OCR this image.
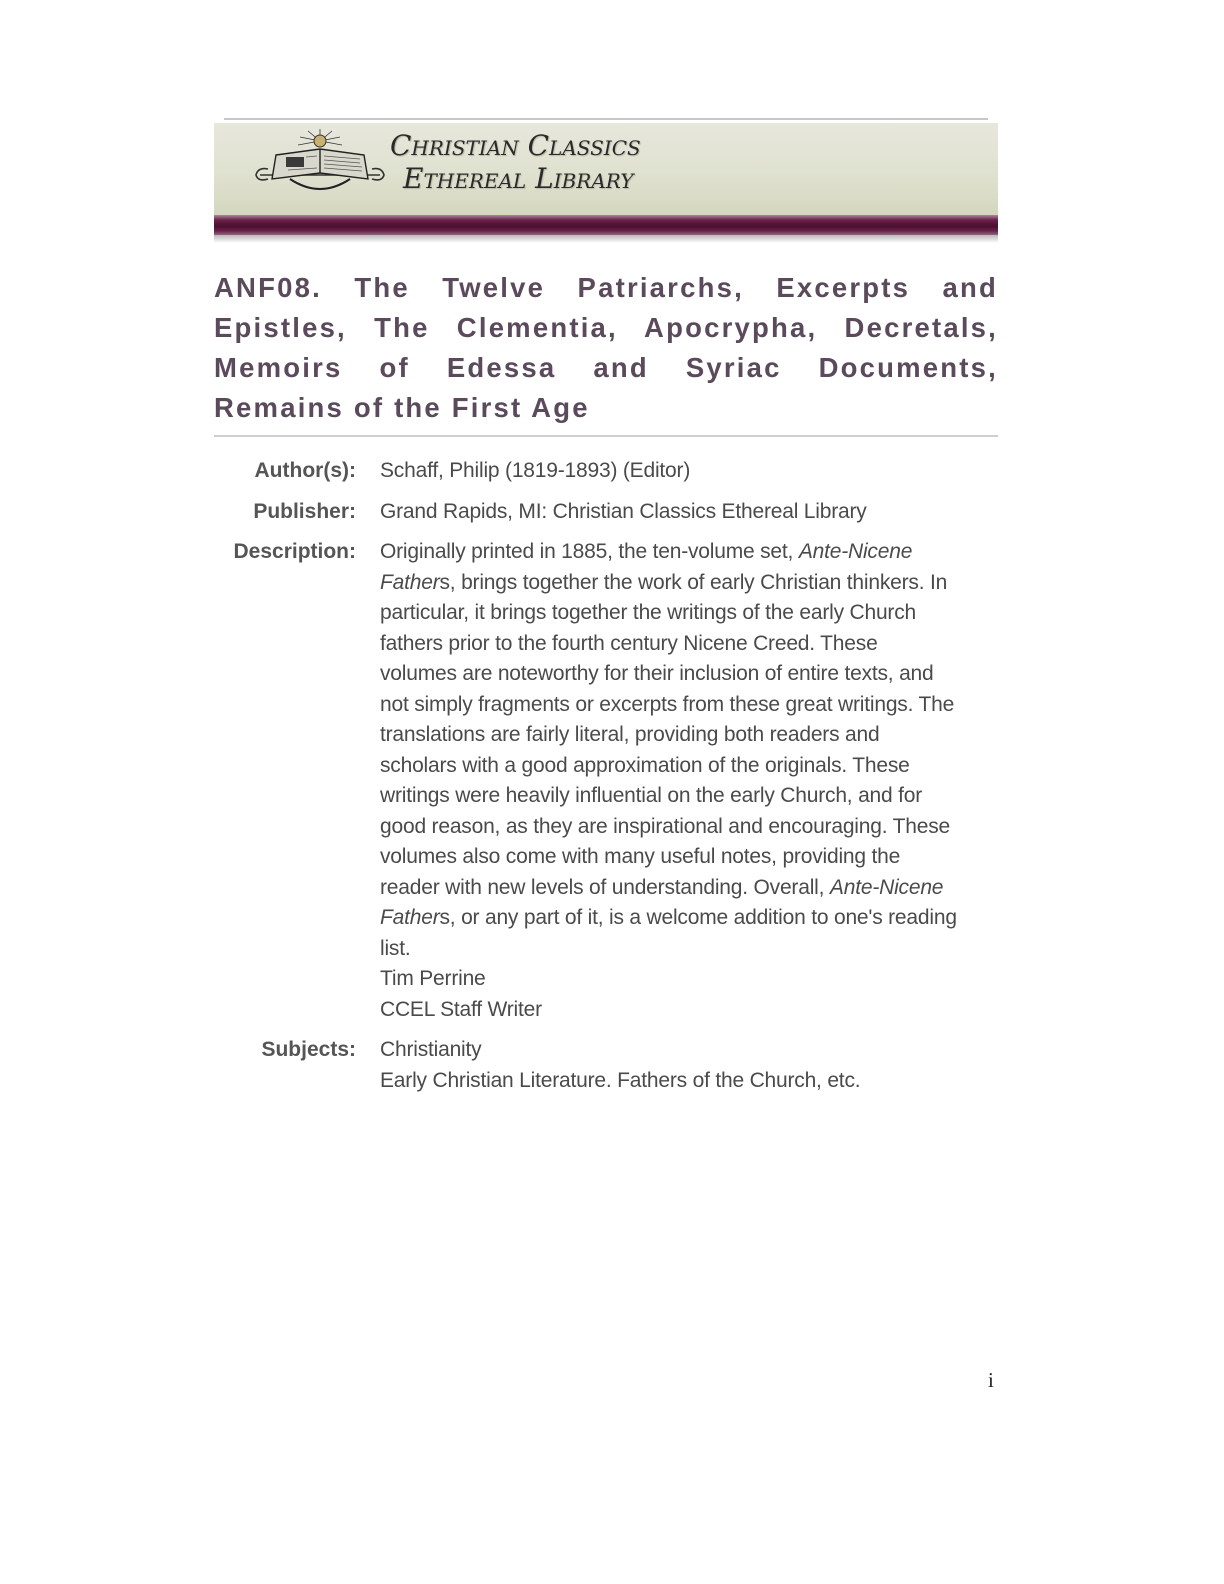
Christian Classics
Ethereal Library
ANF08. The Twelve Patriarchs, Excerpts and Epistles, The Clementia, Apocrypha, Decretals, Memoirs of Edessa and Syriac Documents, Remains of the First Age
Author(s): Schaff, Philip (1819-1893) (Editor)
Publisher: Grand Rapids, MI: Christian Classics Ethereal Library
Description: Originally printed in 1885, the ten-volume set, Ante-Nicene Fathers, brings together the work of early Christian thinkers. In particular, it brings together the writings of the early Church fathers prior to the fourth century Nicene Creed. These volumes are noteworthy for their inclusion of entire texts, and not simply fragments or excerpts from these great writings. The translations are fairly literal, providing both readers and scholars with a good approximation of the originals. These writings were heavily influential on the early Church, and for good reason, as they are inspirational and encouraging. These volumes also come with many useful notes, providing the reader with new levels of understanding. Overall, Ante-Nicene Fathers, or any part of it, is a welcome addition to one's reading list.
Tim Perrine
CCEL Staff Writer
Subjects: Christianity
Early Christian Literature. Fathers of the Church, etc.
i
